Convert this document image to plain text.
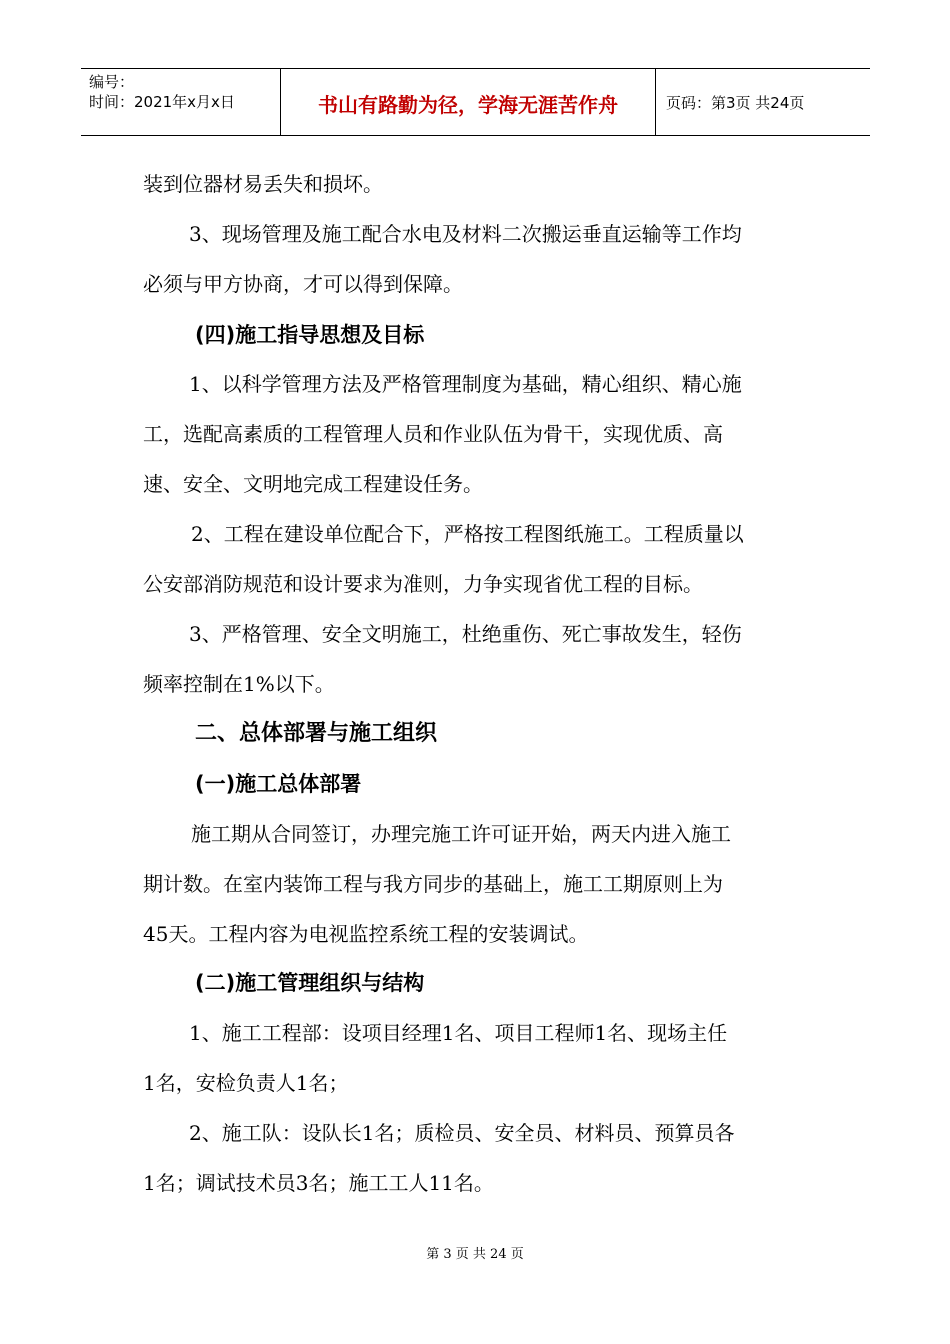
编号：
时间：2021年x月x日	书山有路勤为径，学海无涯苦作舟	页码：第3页 共24页
装到位器材易丢失和损坏。
3、现场管理及施工配合水电及材料二次搬运垂直运输等工作均
必须与甲方协商，才可以得到保障。
(四)施工指导思想及目标
1、以科学管理方法及严格管理制度为基础，精心组织、精心施
工，选配高素质的工程管理人员和作业队伍为骨干，实现优质、高
速、安全、文明地完成工程建设任务。
2、工程在建设单位配合下，严格按工程图纸施工。工程质量以
公安部消防规范和设计要求为准则，力争实现省优工程的目标。
3、严格管理、安全文明施工，杜绝重伤、死亡事故发生，轻伤
频率控制在1%以下。
二、总体部署与施工组织
(一)施工总体部署
施工期从合同签订，办理完施工许可证开始，两天内进入施工
期计数。在室内装饰工程与我方同步的基础上，施工工期原则上为
45天。工程内容为电视监控系统工程的安装调试。
(二)施工管理组织与结构
1、施工工程部：设项目经理1名、项目工程师1名、现场主任
1名，安检负责人1名；
2、施工队：设队长1名；质检员、安全员、材料员、预算员各
1名；调试技术员3名；施工工人11名。
第 3 页 共 24 页
